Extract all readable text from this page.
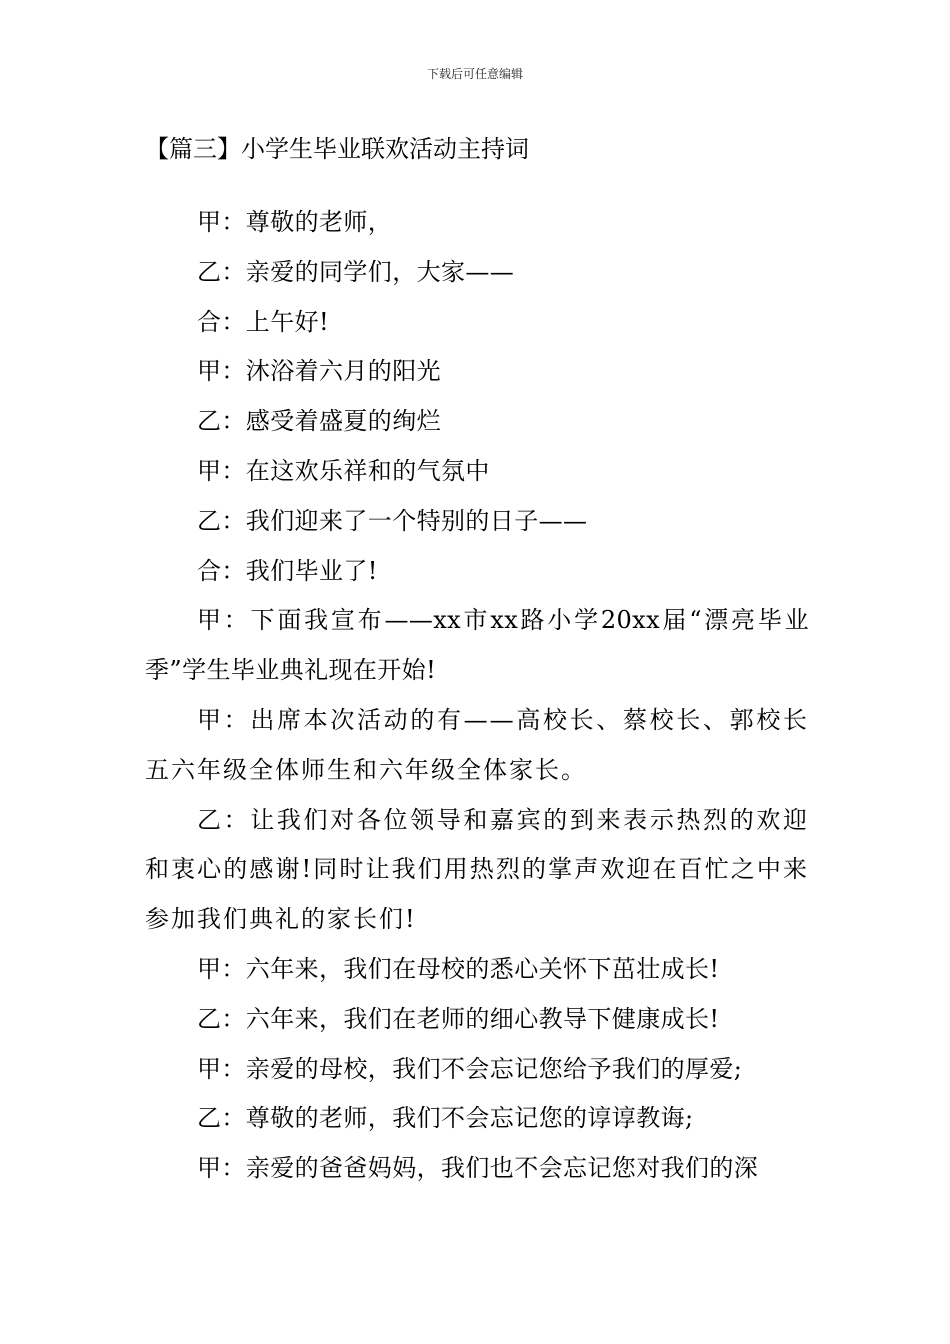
下载后可任意编辑
【篇三】小学生毕业联欢活动主持词

甲：尊敬的老师，

乙：亲爱的同学们，大家——

合：上午好!

甲：沐浴着六月的阳光

乙：感受着盛夏的绚烂

甲：在这欢乐祥和的气氛中

乙：我们迎来了一个特别的日子——

合：我们毕业了!

甲：下面我宣布——xx市xx路小学20xx届“漂亮毕业季”学生毕业典礼现在开始!

甲：出席本次活动的有——高校长、蔡校长、郭校长五六年级全体师生和六年级全体家长。

乙：让我们对各位领导和嘉宾的到来表示热烈的欢迎和衷心的感谢!同时让我们用热烈的掌声欢迎在百忙之中来参加我们典礼的家长们!

甲：六年来，我们在母校的悉心关怀下茁壮成长!

乙：六年来，我们在老师的细心教导下健康成长!

甲：亲爱的母校，我们不会忘记您给予我们的厚爱;

乙：尊敬的老师，我们不会忘记您的谆谆教诲;

甲：亲爱的爸爸妈妈，我们也不会忘记您对我们的深
